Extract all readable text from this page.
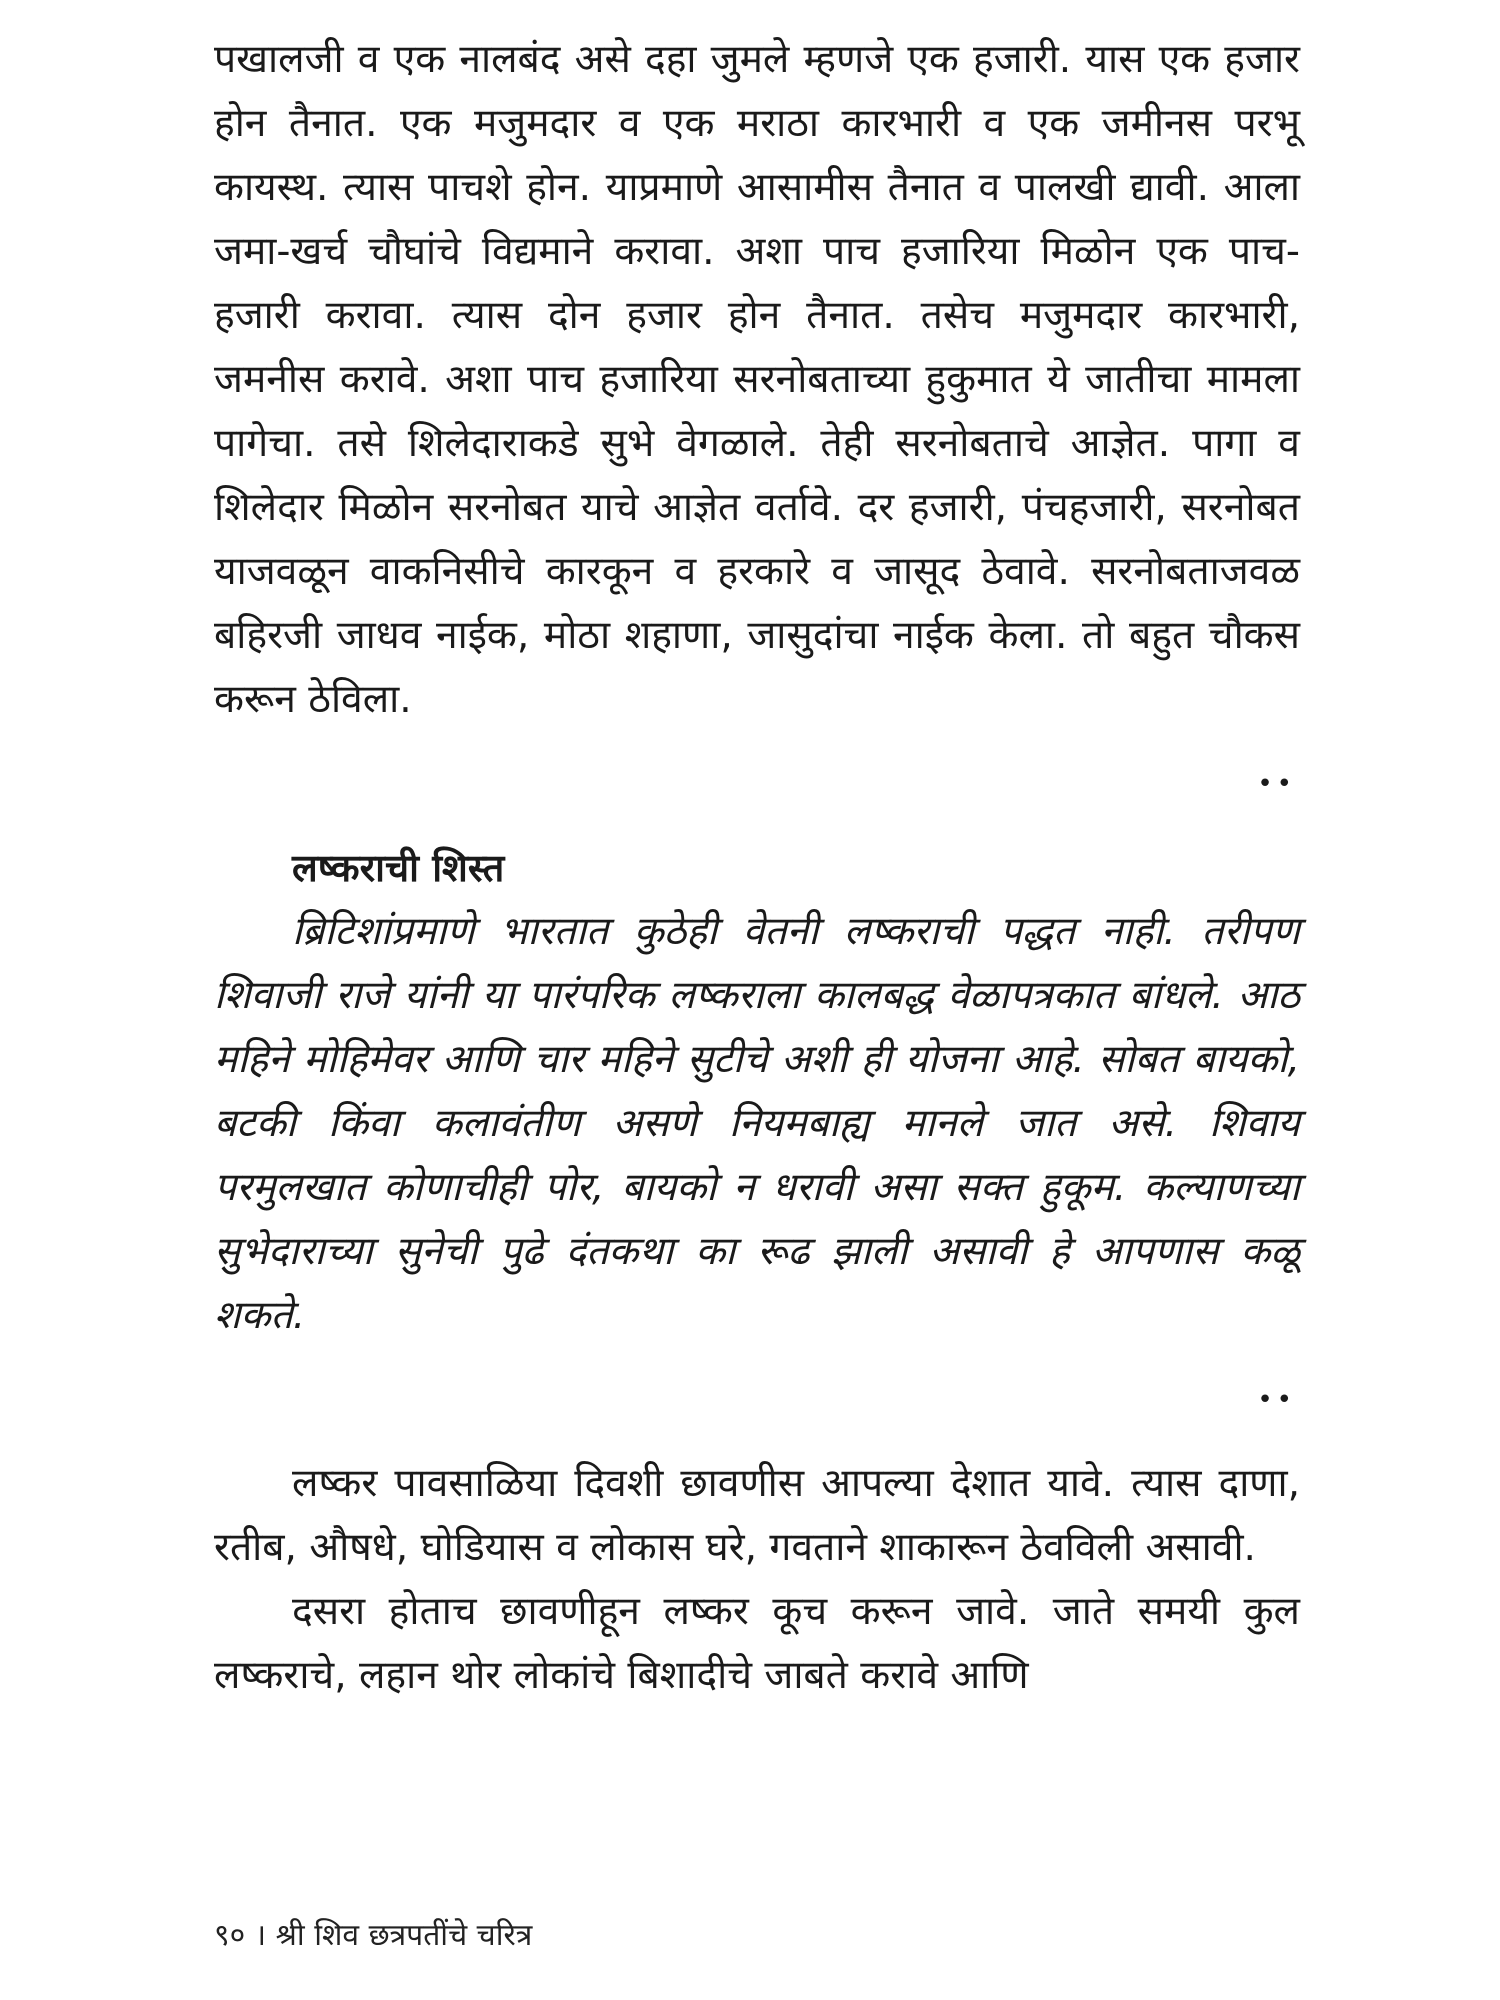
पखालजी व एक नालबंद असे दहा जुमले म्हणजे एक हजारी. यास एक हजार होन तैनात. एक मजुमदार व एक मराठा कारभारी व एक जमीनस परभू कायस्थ. त्यास पाचशे होन. याप्रमाणे आसामीस तैनात व पालखी द्यावी. आला जमा-खर्च चौघांचे विद्यमाने करावा. अशा पाच हजारिया मिळोन एक पाच-हजारी करावा. त्यास दोन हजार होन तैनात. तसेच मजुमदार कारभारी, जमनीस करावे. अशा पाच हजारिया सरनोबताच्या हुकुमात ये जातीचा मामला पागेचा. तसे शिलेदाराकडे सुभे वेगळाले. तेही सरनोबताचे आज्ञेत. पागा व शिलेदार मिळोन सरनोबत याचे आज्ञेत वर्तावे. दर हजारी, पंचहजारी, सरनोबत याजवळून वाकनिसीचे कारकून व हरकारे व जासूद ठेवावे. सरनोबताजवळ बहिरजी जाधव नाईक, मोठा शहाणा, जासुदांचा नाईक केला. तो बहुत चौकस करून ठेविला.

••
लष्कराची शिस्त

ब्रिटिशांप्रमाणे भारतात कुठेही वेतनी लष्कराची पद्धत नाही. तरीपण शिवाजी राजे यांनी या पारंपरिक लष्कराला कालबद्ध वेळापत्रकात बांधले. आठ महिने मोहिमेवर आणि चार महिने सुटीचे अशी ही योजना आहे. सोबत बायको, बटकी किंवा कलावंतीण असणे नियमबाह्य मानले जात असे. शिवाय परमुलखात कोणाचीही पोर, बायको न धरावी असा सक्त हुकूम. कल्याणच्या सुभेदाराच्या सुनेची पुढे दंतकथा का रूढ झाली असावी हे आपणास कळू शकते.

••

लष्कर पावसाळिया दिवशी छावणीस आपल्या देशात यावे. त्यास दाणा, रतीब, औषधे, घोडियास व लोकास घरे, गवताने शाकारून ठेवविली असावी.

दसरा होताच छावणीहून लष्कर कूच करून जावे. जाते समयी कुल लष्कराचे, लहान थोर लोकांचे बिशादीचे जाबते करावे आणि

९० । श्री शिव छत्रपतींचे चरित्र
